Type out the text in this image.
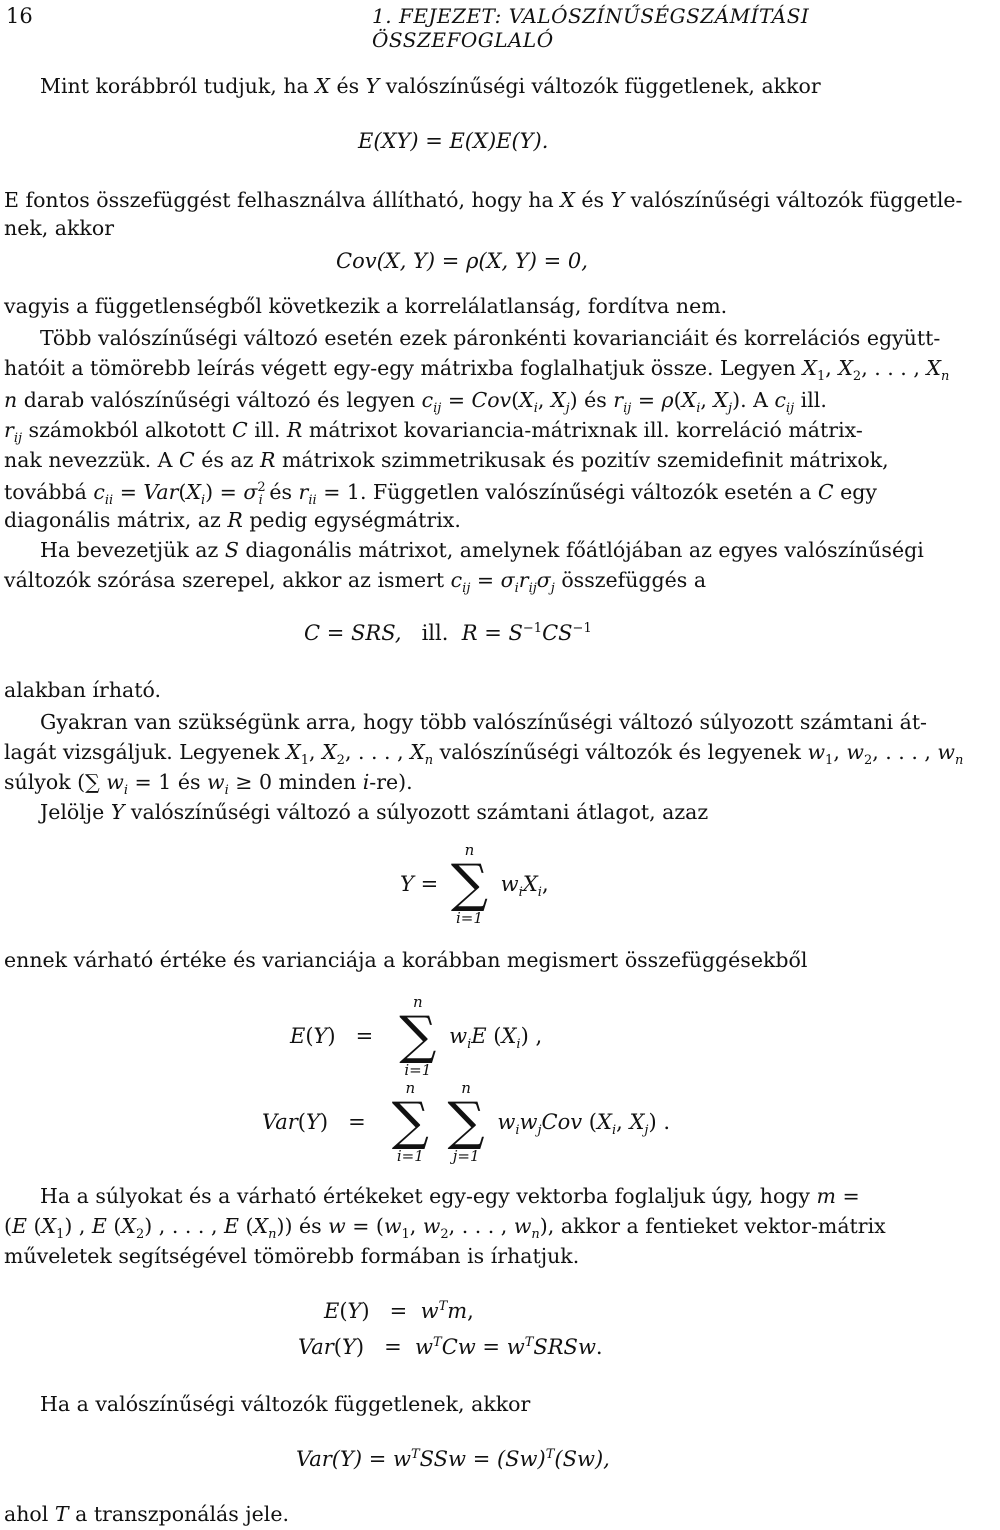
16	1. FEJEZET: VALÓSZÍNŰSÉGSZÁMÍTÁSI ÖSSZEFOGLALÓ
Mint korábbról tudjuk, ha X és Y valószínűségi változók függetlenek, akkor
E(XY) = E(X)E(Y).
E fontos összefüggést felhasználva állítható, hogy ha X és Y valószínűségi változók függetle-
nek, akkor
Cov(X, Y) = ρ(X, Y) = 0,
vagyis a függetlenségből következik a korrelálatlanság, fordítva nem.
Több valószínűségi változó esetén ezek páronkénti kovarianciáit és korrelációs együtt-
hatóit a tömörebb leírás végett egy-egy mátrixba foglalhatjuk össze. Legyen $X_1$, $X_2$, . . . , $X_n$
n darab valószínűségi változó és legyen $c_{ij} = Cov(X_i$, $X_j$) és $r_{ij} = \rho(X_i$, $X_j$). A $c_{ij}$ ill.
$r_{ij}$ számokból alkotott C ill. R mátrixot kovariancia-mátrixnak ill. korreláció mátrix-
nak nevezzük. A C és az R mátrixok szimmetrikusak és pozitív szemidefinit mátrixok,
továbbá $c_{ii} = Var(X_i) = \sigma^2_i$ és $r_{ii} = 1$. Független valószínűségi változók esetén a C egy
diagonális mátrix, az R pedig egységmátrix.
Ha bevezetjük az S diagonális mátrixot, amelynek főátlójában az egyes valószínűségi
változók szórása szerepel, akkor az ismert $c_{ij} = \sigma_ir_{ij}\sigma_j$ összefüggés a
C = SRS, ill. $R = S^{-1}CS^{-1}$
alakban írható.
Gyakran van szükségünk arra, hogy több valószínűségi változó súlyozott számtani át-
lagát vizsgáljuk. Legyenek $X_1$, $X_2$, . . . , $X_n$ valószínűségi változók és legyenek $w_1$, $w_2$, . . . , $w_n$
súlyok (∑ $w_i = 1$ és $w_i \ge 0$ minden i-re).
Jelölje Y valószínűségi változó a súlyozott számtani átlagot, azaz
Y =
n
∑
i=1
$w_iX_i$,
ennek várható értéke és varianciája a korábban megismert összefüggésekből
E(Y)   =
n
∑
i=1
$w_iE$ $(X_i)$ ,
Var(Y)   =
n
∑
i=1

n
∑
j=1
$w_iw_jCov$ ($X_i$, $X_j$) .
Ha a súlyokat és a várható értékeket egy-egy vektorba foglaljuk úgy, hogy m =
(E $(X_1)$ , E $(X_2)$ , . . . , E $(X_n)$) és $w = (w_1$, $w_2$, . . . , $w_n$), akkor a fentieket vektor-mátrix
műveletek segítségével tömörebb formában is írhatjuk.
$E(Y) = w^Tm$,
$Var(Y) = w^TCw$ = $w^TSRSw$.
Ha a valószínűségi változók függetlenek, akkor
$Var(Y) = w^TSSw = (Sw)^T(Sw)$,
ahol T a transzponálás jele.
